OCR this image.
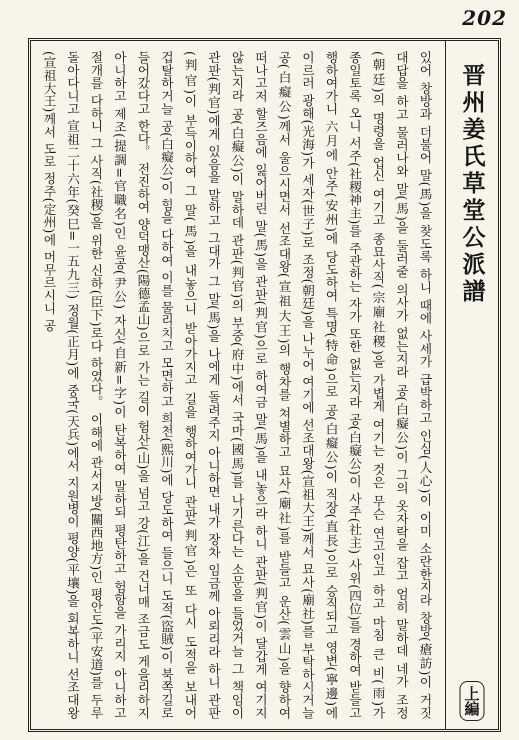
202
晋州姜氏草堂公派譜
上編
있어 창방과 더불어 말(馬)을 찾도록 하니 때에 사세가 급박하고 인심(人心)이 이미 소란한지라 창방(瘡訪)이 거짓 대답을 하고 물러나와 말(馬)을 둘러줄 의사가 없는지라 공(白癡公)이 그의 옷자락을 잡고 엄히 말하데 네가 조정(朝廷)의 명령을 업신 여기고 종묘사직(宗廟社稷)을 가볍게 여기는 것은 무슨 연고인고 하고 마침 큰 비(雨)가 종일토록 오니 서주(社稷神主)를 주관하는 자가 또한 없는지라 공(白癡公)이 사주(社主) 사위(四位)를 경하여 받들고 행하여가니 六月에 안주(安州)에 당도하여 특명(特命)으로 공(白癡公)이 직장(直長)으로 승직되고 영변(寧邊)에 이르러 광해(光海)가 세자(世子)로 조정(朝廷)을 나누어 여기에 선조대왕(宣祖大王)께서 묘사(廟社)를 부탁하시거늘 공(白癡公)께서 울으시면서 선조대왕(宣祖大王)의 행차를 쳐별하고 묘사(廟社)를 받들고 운산(雲山)을 향하여 떠나고저 할즈음에 잃어버린 말(馬)을 관판(判官)으로 하여금 말(馬)을 내놓으라 하니 관판(判官)이 달갑게 여기지 않는지라 공(白癡公)이 말하데 관판(判官)의 부중(府中)에서 국마(國馬)를 나기른다는 소문을 들었거늘 그 책임이 관판(判官)에게 있음을 말하고 그대가 그 말(馬)을 나에게 돌려주지 아니하면 내가 장차 임금께 아뢰리라 하니 관판(判官)이 부득이하여 그 말(馬)을 내놓으니 받아가지고 길을 행하여가니 관판(判官)은 또 다시 도적을 보내어 겁탈하거늘 공(白癡公)이 힘을 다하여 이를 물리치고 모면하고 희천(熙川)에 당도하여 들으니 도적(盜賊)이 북쪽길로 들어갔다고 한다。 전진하여 양덕맹산(陽德孟山)으로 가는 길이 험산(山)을 넘고 강(江)을 건너매 조금도 게을리하지 아니하고 제조(提調=官職名)인 윤공(尹公) 자신(自新=字)이 탄복하여 말하되 평탄하고 험함을 가리지 아니하고 절개를 다하니 그 사직(社稷)을 위한 신하(臣下)로다 하였다。 이해에 관서지방(關西地方)인 평안도(平安道)를 두루 돌아다니고 宣祖二十六年(癸巳=一五九三) 정월(正月)에 중국(天兵)에서 지원병이 평양(平壤)을 회복하니 선조대왕(宣祖大王)께서 도로 정주(定州)에 머무르시니 공
